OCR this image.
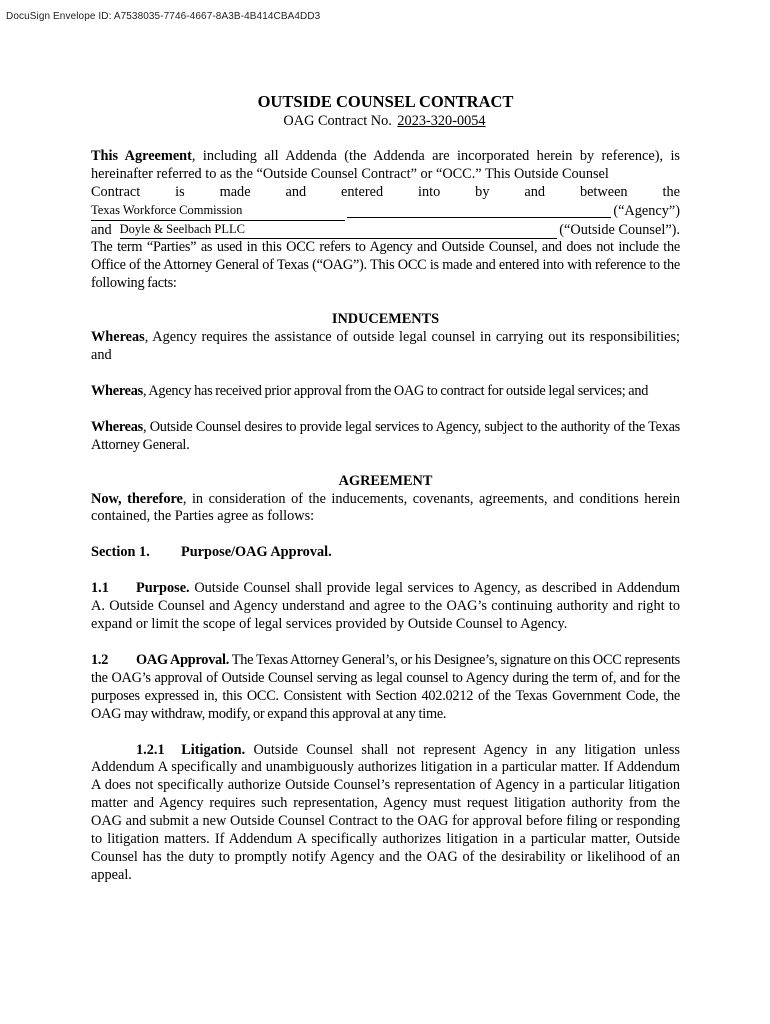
DocuSign Envelope ID: A7538035-7746-4667-8A3B-4B414CBA4DD3
OUTSIDE COUNSEL CONTRACT
OAG Contract No. 2023-320-0054

This Agreement, including all Addenda (the Addenda are incorporated herein by reference), is hereinafter referred to as the “Outside Counsel Contract” or “OCC.” This Outside Counsel

Contract is made and entered into by and between the
Texas Workforce Commission	(“Agency”)
and Doyle & Seelbach PLLC	(“Outside Counsel”).

The term “Parties” as used in this OCC refers to Agency and Outside Counsel, and does not include the Office of the Attorney General of Texas (“OAG”). This OCC is made and entered into with reference to the following facts:

INDUCEMENTS

Whereas, Agency requires the assistance of outside legal counsel in carrying out its responsibilities; and

Whereas, Agency has received prior approval from the OAG to contract for outside legal services; and

Whereas, Outside Counsel desires to provide legal services to Agency, subject to the authority of the Texas Attorney General.

AGREEMENT

Now, therefore, in consideration of the inducements, covenants, agreements, and conditions herein contained, the Parties agree as follows:

Section 1. Purpose/OAG Approval.

1.1 Purpose. Outside Counsel shall provide legal services to Agency, as described in Addendum A. Outside Counsel and Agency understand and agree to the OAG’s continuing authority and right to expand or limit the scope of legal services provided by Outside Counsel to Agency.

1.2 OAG Approval. The Texas Attorney General’s, or his Designee’s, signature on this OCC represents the OAG’s approval of Outside Counsel serving as legal counsel to Agency during the term of, and for the purposes expressed in, this OCC. Consistent with Section 402.0212 of the Texas Government Code, the OAG may withdraw, modify, or expand this approval at any time.

1.2.1 Litigation. Outside Counsel shall not represent Agency in any litigation unless Addendum A specifically and unambiguously authorizes litigation in a particular matter. If Addendum A does not specifically authorize Outside Counsel’s representation of Agency in a particular litigation matter and Agency requires such representation, Agency must request litigation authority from the OAG and submit a new Outside Counsel Contract to the OAG for approval before filing or responding to litigation matters. If Addendum A specifically authorizes litigation in a particular matter, Outside Counsel has the duty to promptly notify Agency and the OAG of the desirability or likelihood of an appeal.
